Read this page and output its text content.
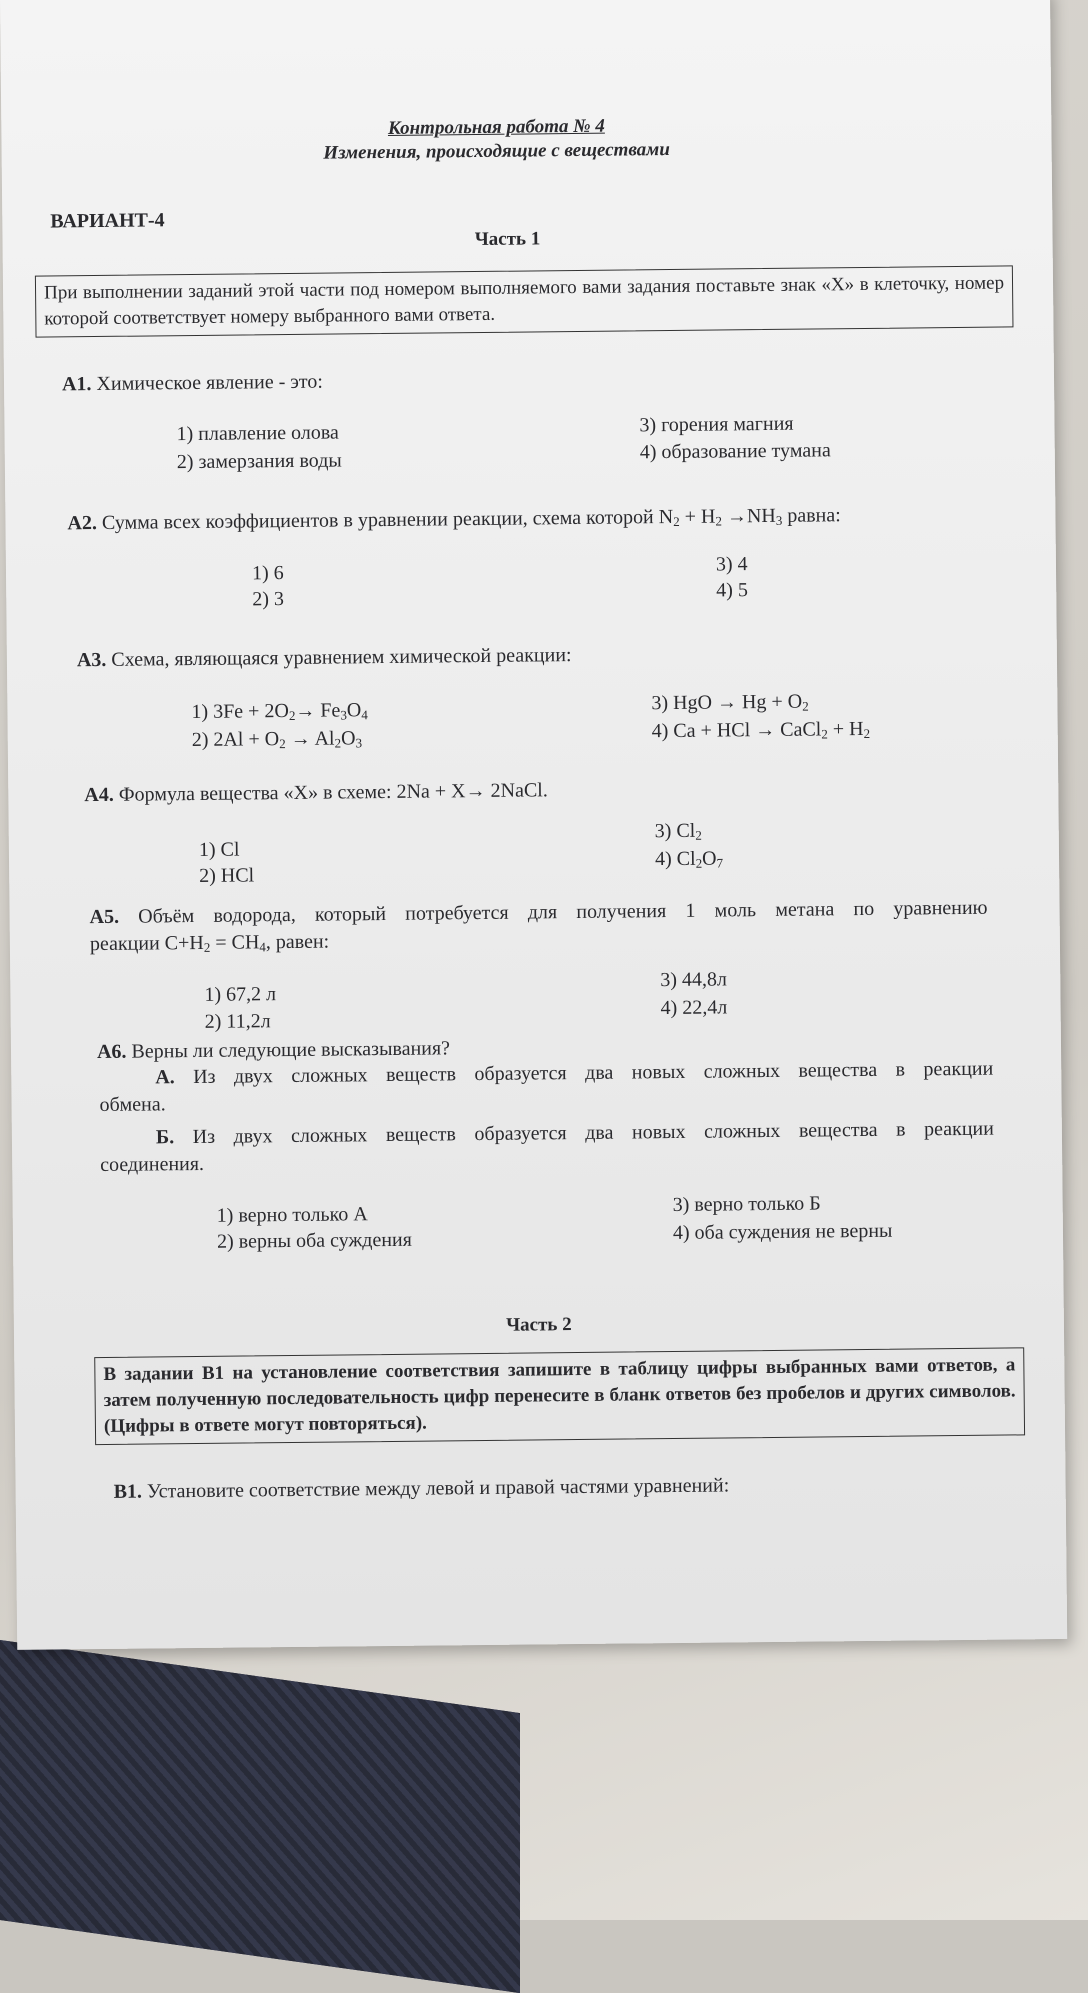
Контрольная работа № 4
Изменения, происходящие с веществами
ВАРИАНТ-4
Часть 1
При выполнении заданий этой части под номером выполняемого вами задания поставьте знак «Х» в клеточку, номер которой соответствует номеру выбранного вами ответа.
А1. Химическое явление - это:
1) плавление олова
2) замерзания воды
3) горения магния
4) образование тумана
А2. Сумма всех коэффициентов в уравнении реакции, схема которой $N_2 + H_2 \to NH_3$ равна:
1) 6
2) 3
3) 4
4) 5
А3. Схема, являющаяся уравнением химической реакции:
1) $3Fe + 2O_2\to Fe_3O_4$
2) $2Al + O_2 \to Al_2O_3$
3) HgO → $Hg + O_2$
4) Ca + HCl → CaCl$_2$ + $H_2$
А4. Формула вещества «Х» в схеме: 2Na + X→ 2NaCl.
1) Cl
2) HCl
3) $Cl_2$
4) $Cl_2O_7$
А5. Объём водорода, который потребуется для получения 1 моль метана по уравнению
реакции $C+H_2 = CH_4$, равен:
1) 67,2 л
2) 11,2л
3) 44,8л
4) 22,4л
А6. Верны ли следующие высказывания?
А. Из двух сложных веществ образуется два новых сложных вещества в реакции
обмена.
Б. Из двух сложных веществ образуется два новых сложных вещества в реакции
соединения.
1) верно только А
2) верны оба суждения
3) верно только Б
4) оба суждения не верны
Часть 2
В задании В1 на установление соответствия запишите в таблицу цифры выбранных вами ответов, а затем полученную последовательность цифр перенесите в бланк ответов без пробелов и других символов. (Цифры в ответе могут повторяться).
В1. Установите соответствие между левой и правой частями уравнений:
